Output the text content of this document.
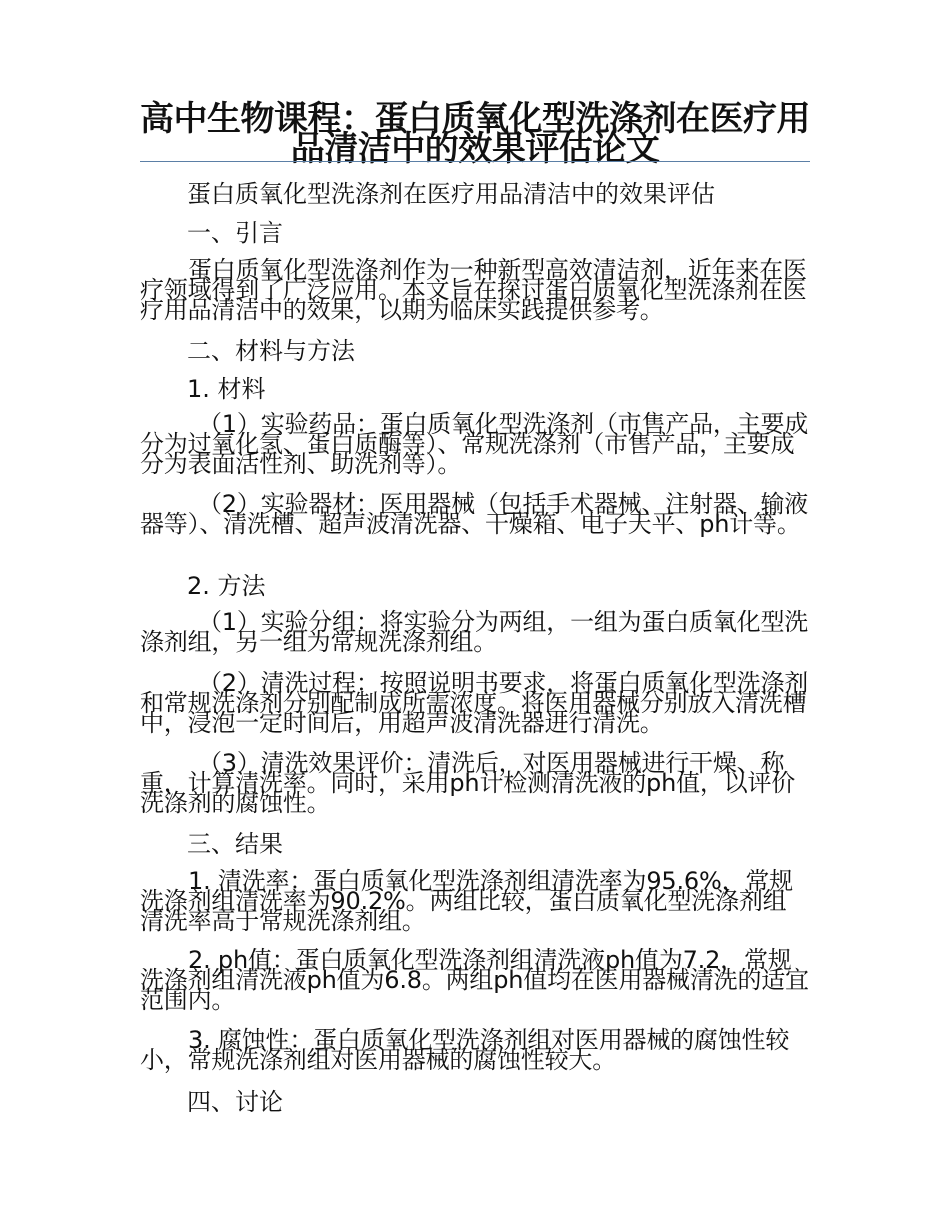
高中生物课程：蛋白质氧化型洗涤剂在医疗用品清洁中的效果评估论文

蛋白质氧化型洗涤剂在医疗用品清洁中的效果评估

一、引言

蛋白质氧化型洗涤剂作为一种新型高效清洁剂，近年来在医疗领域得到了广泛应用。本文旨在探讨蛋白质氧化型洗涤剂在医疗用品清洁中的效果，以期为临床实践提供参考。

二、材料与方法

1. 材料

（1）实验药品：蛋白质氧化型洗涤剂（市售产品，主要成分为过氧化氢、蛋白质酶等）、常规洗涤剂（市售产品，主要成分为表面活性剂、助洗剂等）。

（2）实验器材：医用器械（包括手术器械、注射器、输液器等）、清洗槽、超声波清洗器、干燥箱、电子天平、ph计等。

2. 方法

（1）实验分组：将实验分为两组，一组为蛋白质氧化型洗涤剂组，另一组为常规洗涤剂组。

（2）清洗过程：按照说明书要求，将蛋白质氧化型洗涤剂和常规洗涤剂分别配制成所需浓度。将医用器械分别放入清洗槽中，浸泡一定时间后，用超声波清洗器进行清洗。

（3）清洗效果评价：清洗后，对医用器械进行干燥、称重，计算清洗率。同时，采用ph计检测清洗液的ph值，以评价洗涤剂的腐蚀性。

三、结果

1. 清洗率：蛋白质氧化型洗涤剂组清洗率为95.6%，常规洗涤剂组清洗率为90.2%。两组比较，蛋白质氧化型洗涤剂组清洗率高于常规洗涤剂组。

2. ph值：蛋白质氧化型洗涤剂组清洗液ph值为7.2，常规洗涤剂组清洗液ph值为6.8。两组ph值均在医用器械清洗的适宜范围内。

3. 腐蚀性：蛋白质氧化型洗涤剂组对医用器械的腐蚀性较小，常规洗涤剂组对医用器械的腐蚀性较大。

四、讨论
